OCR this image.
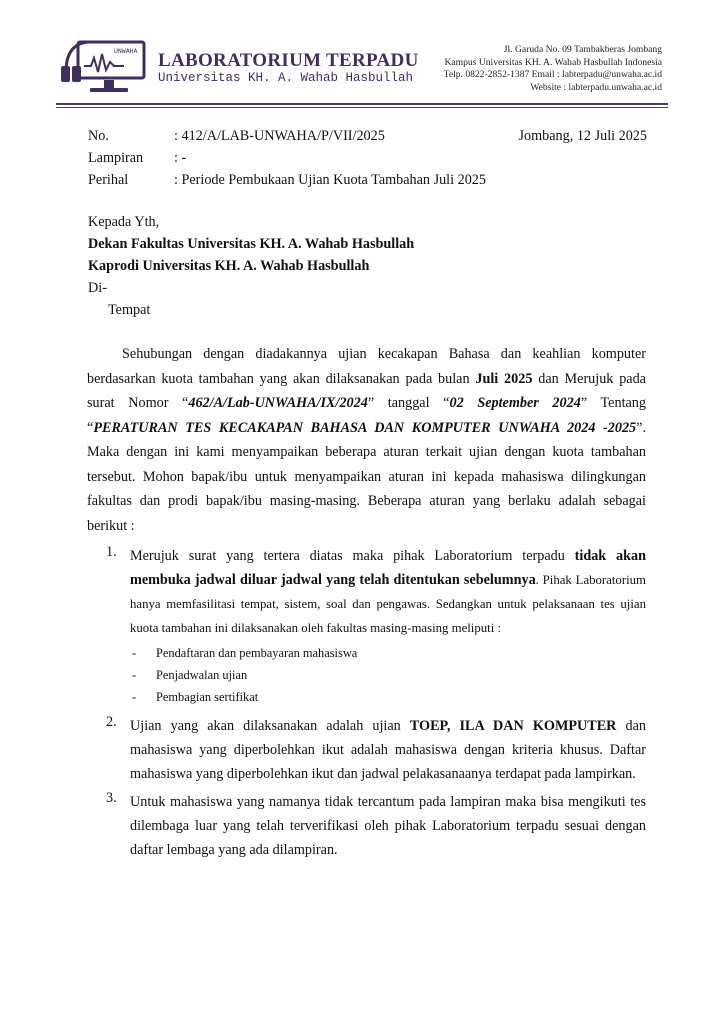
UNWAHA LABORATORIUM TERPADU
Universitas KH. A. Wahab Hasbullah
Jl. Garuda No. 09 Tambakberas Jombang
Kampus Universitas KH. A. Wahab Hasbullah Indonesia
Telp. 0822-2852-1387 Email : labterpadu@unwaha.ac.id
Website : labterpadu.unwaha.ac.id
No.	: 412/A/LAB-UNWAHA/P/VII/2025	Jombang, 12 Juli 2025
Lampiran : -
Perihal	: Periode Pembukaan Ujian Kuota Tambahan Juli 2025
Kepada Yth,
Dekan Fakultas Universitas KH. A. Wahab Hasbullah
Kaprodi Universitas KH. A. Wahab Hasbullah
Di-
Tempat
Sehubungan dengan diadakannya ujian kecakapan Bahasa dan keahlian komputer berdasarkan kuota tambahan yang akan dilaksanakan pada bulan Juli 2025 dan Merujuk pada surat Nomor “462/A/Lab-UNWAHA/IX/2024” tanggal “02 September 2024” Tentang “PERATURAN TES KECAKAPAN BAHASA DAN KOMPUTER UNWAHA 2024 -2025”. Maka dengan ini kami menyampaikan beberapa aturan terkait ujian dengan kuota tambahan tersebut. Mohon bapak/ibu untuk menyampaikan aturan ini kepada mahasiswa dilingkungan fakultas dan prodi bapak/ibu masing-masing. Beberapa aturan yang berlaku adalah sebagai berikut :
1. Merujuk surat yang tertera diatas maka pihak Laboratorium terpadu tidak akan membuka jadwal diluar jadwal yang telah ditentukan sebelumnya. Pihak Laboratorium hanya memfasilitasi tempat, sistem, soal dan pengawas. Sedangkan untuk pelaksanaan tes ujian kuota tambahan ini dilaksanakan oleh fakultas masing-masing meliputi :
- Pendaftaran dan pembayaran mahasiswa
- Penjadwalan ujian
- Pembagian sertifikat
2. Ujian yang akan dilaksanakan adalah ujian TOEP, ILA DAN KOMPUTER dan mahasiswa yang diperbolehkan ikut adalah mahasiswa dengan kriteria khusus. Daftar mahasiswa yang diperbolehkan ikut dan jadwal pelakasanaanya terdapat pada lampirkan.
3. Untuk mahasiswa yang namanya tidak tercantum pada lampiran maka bisa mengikuti tes dilembaga luar yang telah terverifikasi oleh pihak Laboratorium terpadu sesuai dengan daftar lembaga yang ada dilampiran.
